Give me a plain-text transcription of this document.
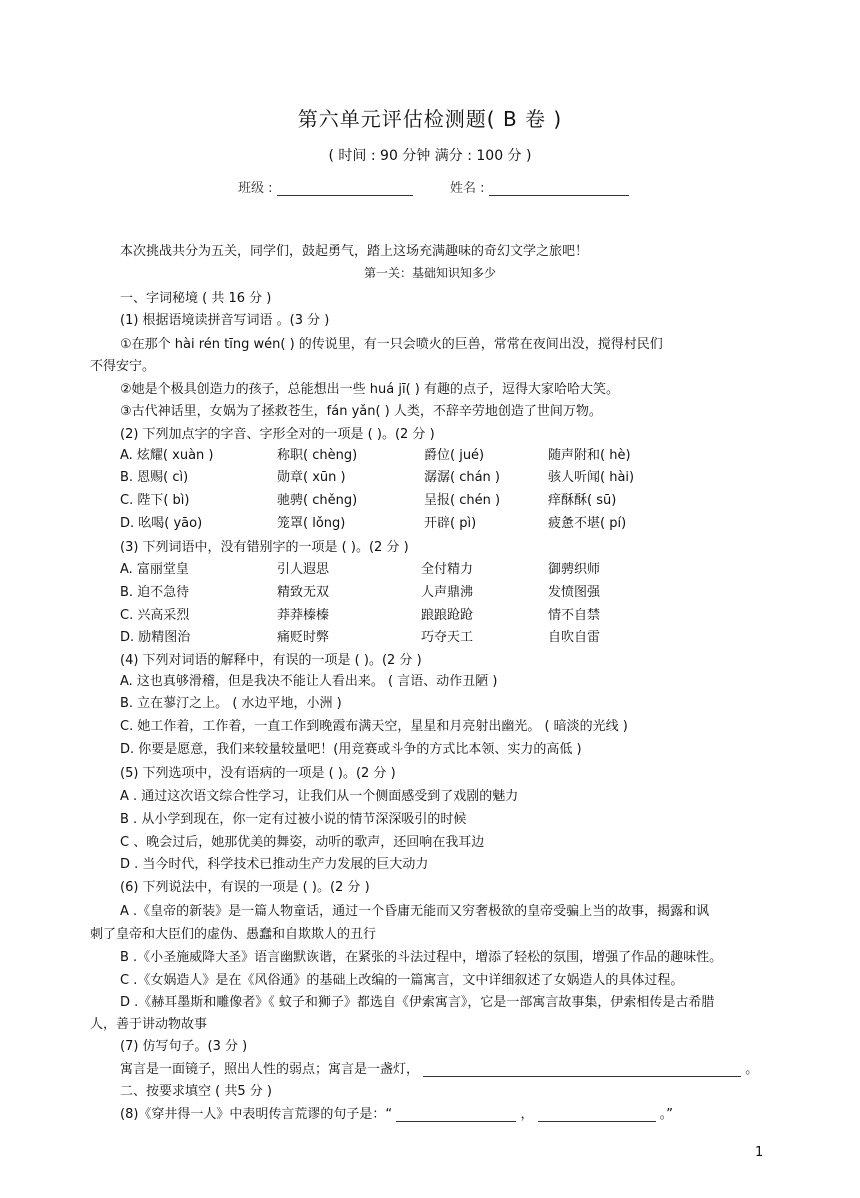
第六单元评估检测题( B 卷 )
( 时间 : 90 分钟 满分 : 100 分 )
班级 :	姓名 :
本次挑战共分为五关，同学们，鼓起勇气，踏上这场充满趣味的奇幻文学之旅吧！
第一关：基础知识知多少
一、字词秘境 ( 共 16 分 )
(1) 根据语境读拼音写词语 。(3 分 )
①在那个 hài rén tīng wén( ) 的传说里，有一只会喷火的巨兽，常常在夜间出没，搅得村民们
不得安宁。
②她是个极具创造力的孩子，总能想出一些 huá jī( ) 有趣的点子，逗得大家哈哈大笑。
③古代神话里，女娲为了拯救苍生，fán yǎn( ) 人类，不辞辛劳地创造了世间万物。
(2) 下列加点字的字音、字形全对的一项是 ( )。(2 分 )
A. 炫耀( xuàn )	称职( chèng)	爵位( jué)	随声附和( hè)
B. 恩赐( cì)	勋章( xūn )	潺潺( chán )	骇人听闻( hài)
C. 陛下( bì)	驰骋( chěng)	呈报( chén )	痒酥酥( sū)
D. 吆喝( yāo)	笼罩( lǒng)	开辟( pì)	疲惫不堪( pí)
(3) 下列词语中，没有错别字的一项是 ( )。(2 分 )
A. 富丽堂皇	引人遐思	全付精力	御骋织师
B. 迫不急待	精致无双	人声鼎沸	发愤图强
C. 兴高采烈	莽莽榛榛	踉踉跄跄	情不自禁
D. 励精图治	痛贬时弊	巧夺天工	自吹自雷
(4) 下列对词语的解释中，有误的一项是 ( )。(2 分 )
A. 这也真够滑稽，但是我决不能让人看出来。 ( 言语、动作丑陋 )
B. 立在蓼汀之上。 ( 水边平地，小洲 )
C. 她工作着，工作着，一直工作到晚霞布满天空，星星和月亮射出幽光。 ( 暗淡的光线 )
D. 你要是愿意，我们来较量较量吧！(用竞赛或斗争的方式比本领、实力的高低 )
(5) 下列选项中，没有语病的一项是 ( )。(2 分 )
A . 通过这次语文综合性学习，让我们从一个侧面感受到了戏剧的魅力
B . 从小学到现在，你一定有过被小说的情节深深吸引的时候
C 、晚会过后，她那优美的舞姿，动听的歌声，还回响在我耳边
D . 当今时代，科学技术已推动生产力发展的巨大动力
(6) 下列说法中，有误的一项是 ( )。(2 分 )
A .《皇帝的新装》是一篇人物童话，通过一个昏庸无能而又穷奢极欲的皇帝受骗上当的故事，揭露和讽
刺了皇帝和大臣们的虚伪、愚蠢和自欺欺人的丑行
B .《小圣施威降大圣》语言幽默诙谐，在紧张的斗法过程中，增添了轻松的氛围，增强了作品的趣味性。
C .《女娲造人》是在《风俗通》的基础上改编的一篇寓言，文中详细叙述了女娲造人的具体过程。
D .《赫耳墨斯和雕像者》《 蚊子和狮子》都选自《伊索寓言》，它是一部寓言故事集，伊索相传是古希腊
人，善于讲动物故事
(7) 仿写句子。(3 分 )
寓言是一面镜子，照出人性的弱点；寓言是一盏灯，	。
二、按要求填空 ( 共5 分 )
(8)《穿井得一人》中表明传言荒谬的句子是：“	，	。”
1
